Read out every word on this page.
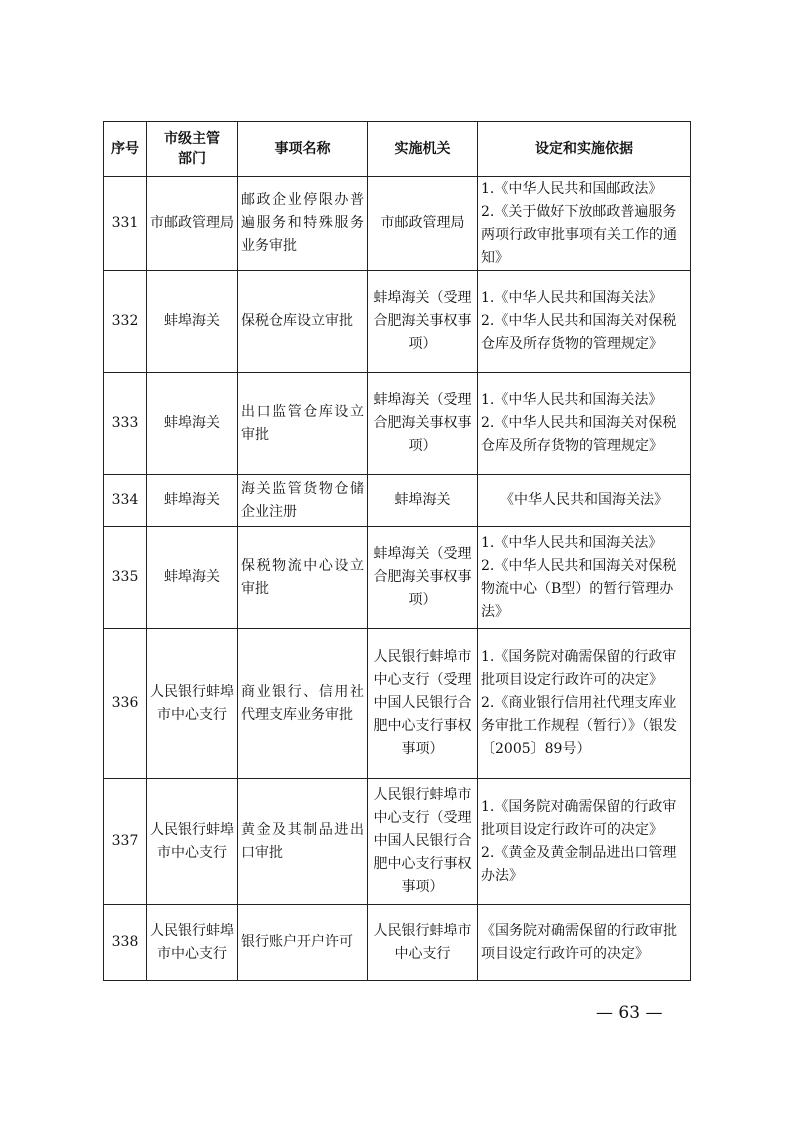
序号	市级主管部门	事项名称	实施机关	设定和实施依据
331	市邮政管理局	邮政企业停限办普遍服务和特殊服务业务审批	市邮政管理局	1.《中华人民共和国邮政法》
2.《关于做好下放邮政普遍服务两项行政审批事项有关工作的通知》

332	蚌埠海关	保税仓库设立审批	蚌埠海关（受理合肥海关事权事项）	1.《中华人民共和国海关法》
2.《中华人民共和国海关对保税仓库及所存货物的管理规定》

333	蚌埠海关	出口监管仓库设立审批	蚌埠海关（受理合肥海关事权事项）	1.《中华人民共和国海关法》
2.《中华人民共和国海关对保税仓库及所存货物的管理规定》

334	蚌埠海关	海关监管货物仓储企业注册	蚌埠海关	《中华人民共和国海关法》

335	蚌埠海关	保税物流中心设立审批	蚌埠海关（受理合肥海关事权事项）	1.《中华人民共和国海关法》
2.《中华人民共和国海关对保税物流中心（B型）的暂行管理办法》

336	人民银行蚌埠市中心支行	商业银行、信用社代理支库业务审批	人民银行蚌埠市中心支行（受理中国人民银行合肥中心支行事权事项）	1.《国务院对确需保留的行政审批项目设定行政许可的决定》
2.《商业银行信用社代理支库业务审批工作规程（暂行）》（银发〔2005〕89号）

337	人民银行蚌埠市中心支行	黄金及其制品进出口审批	人民银行蚌埠市中心支行（受理中国人民银行合肥中心支行事权事项）	1.《国务院对确需保留的行政审批项目设定行政许可的决定》
2.《黄金及黄金制品进出口管理办法》

338	人民银行蚌埠市中心支行	银行账户开户许可	人民银行蚌埠市中心支行	《国务院对确需保留的行政审批项目设定行政许可的决定》
— 63 —
